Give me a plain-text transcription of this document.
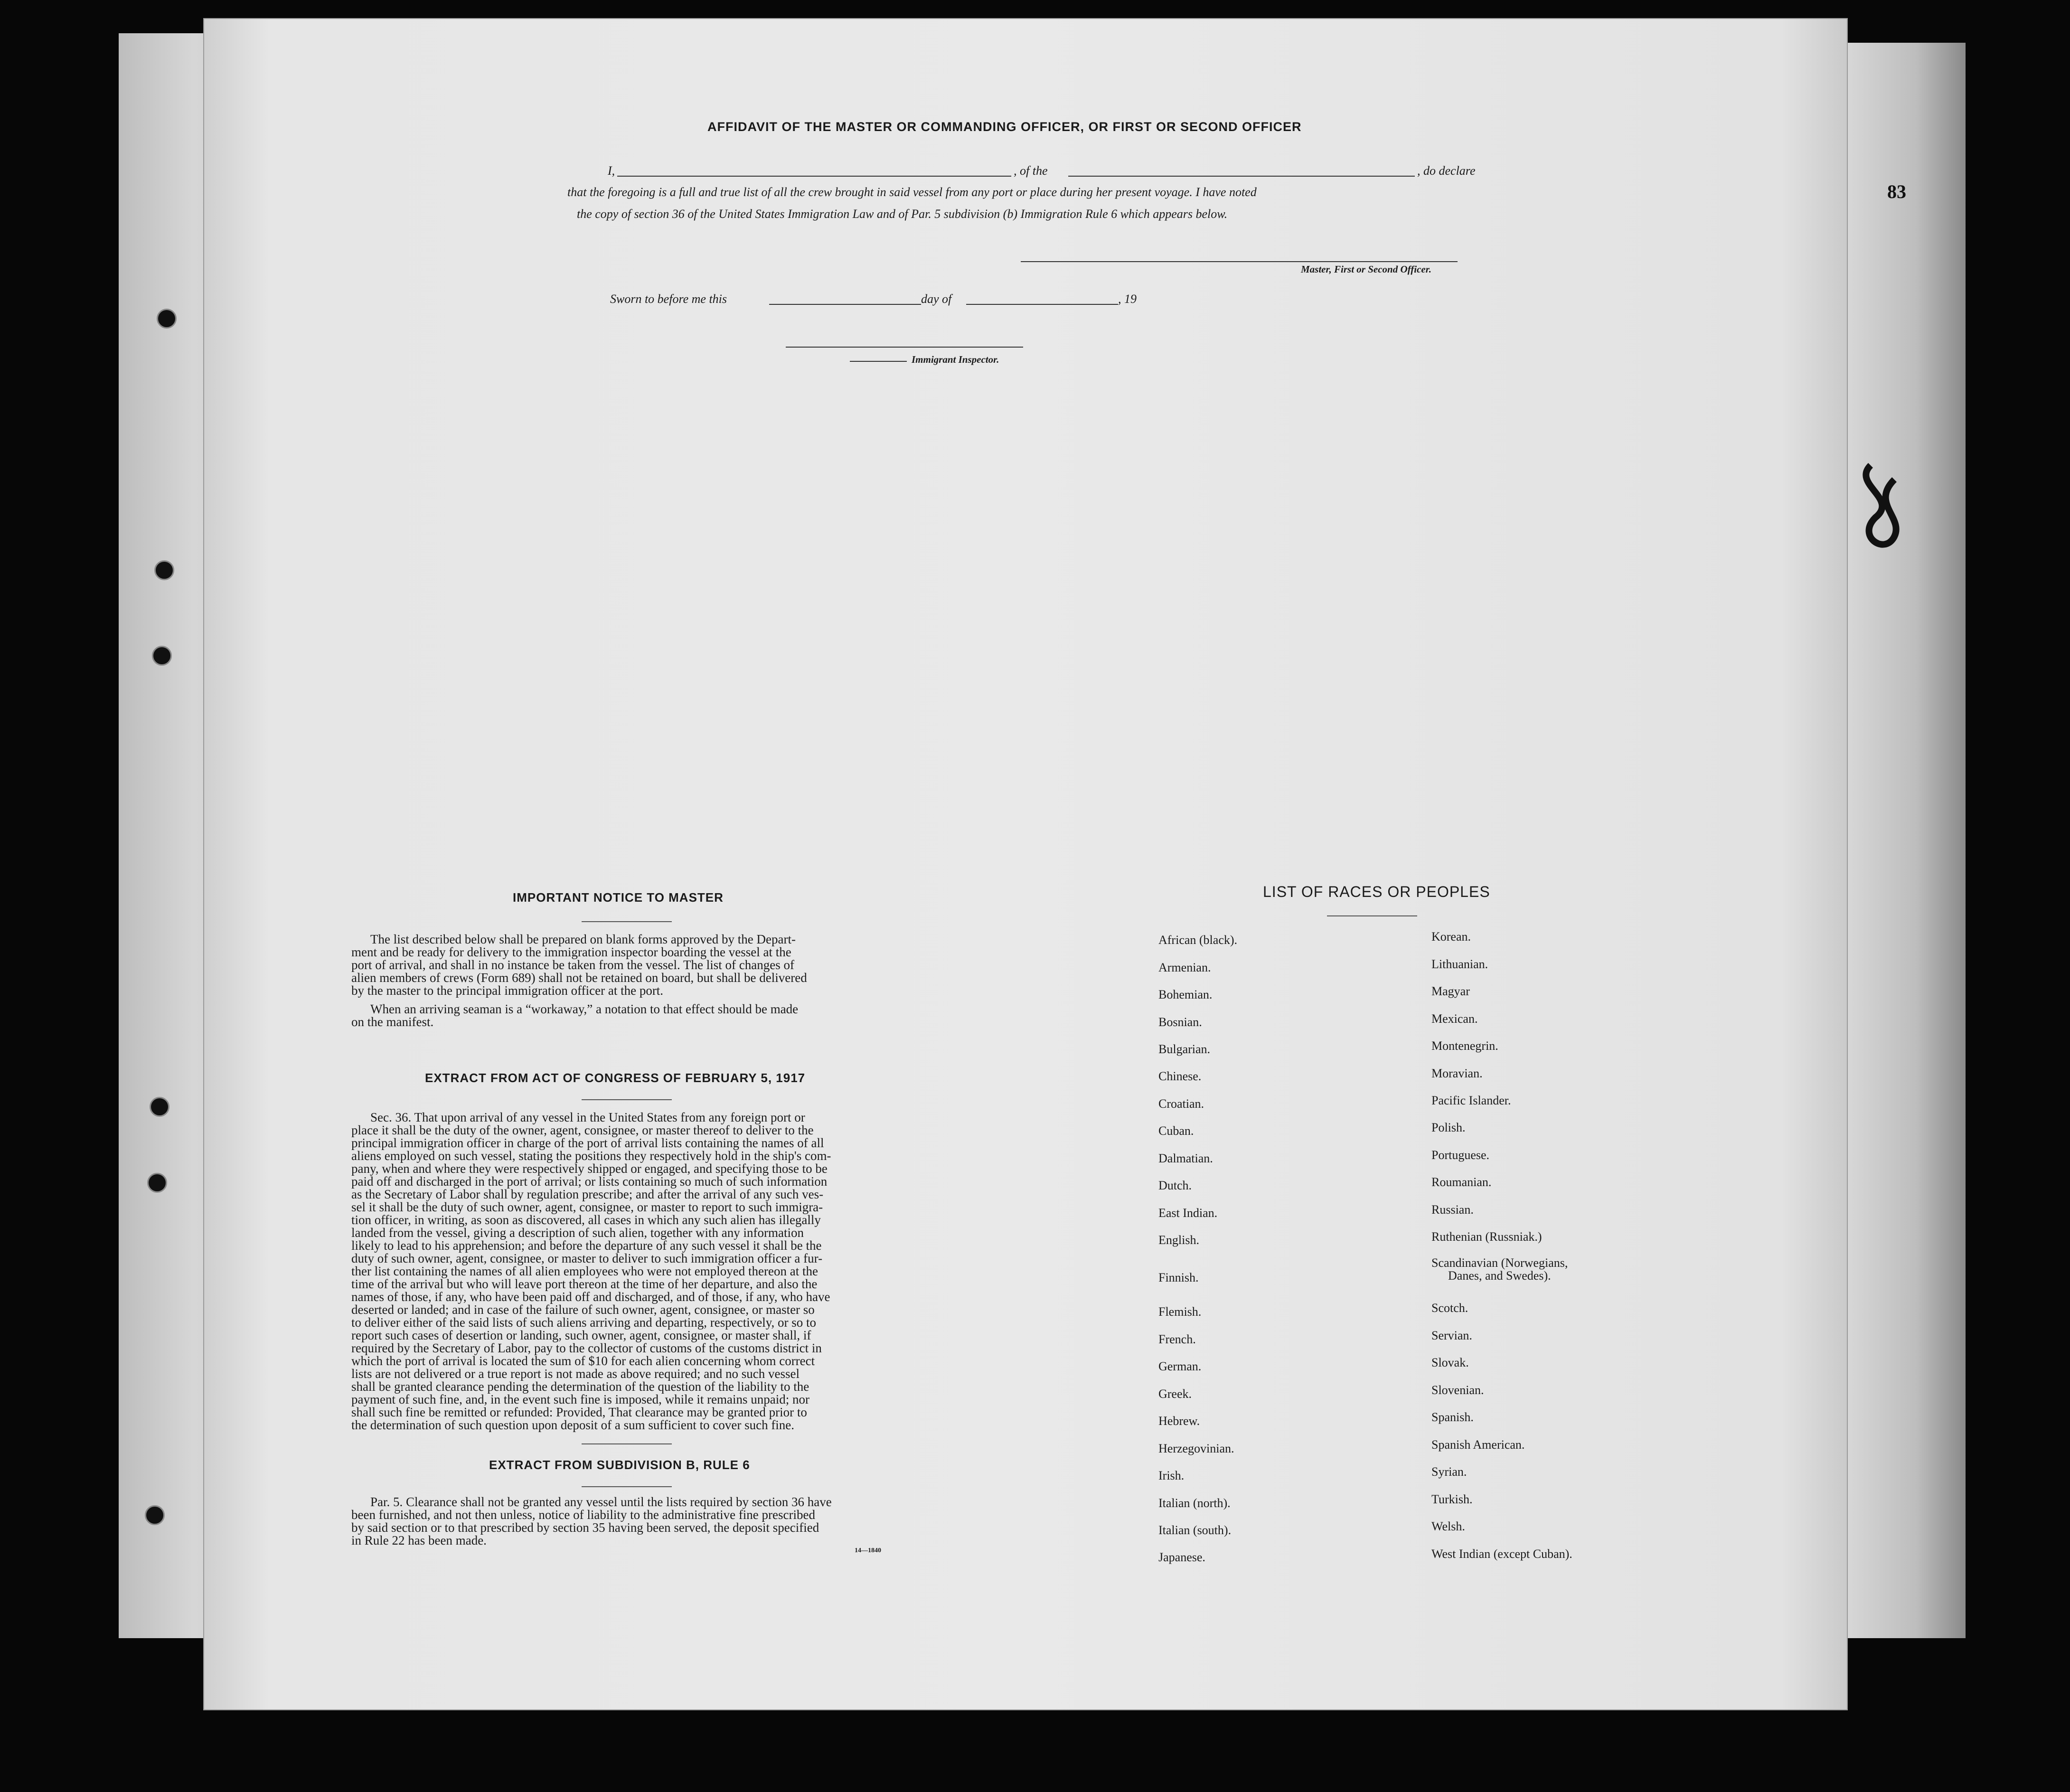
83
AFFIDAVIT OF THE MASTER OR COMMANDING OFFICER, OR FIRST OR SECOND OFFICER
I,	, of the	, do declare
that the foregoing is a full and true list of all the crew brought in said vessel from any port or place during her present voyage. I have noted
the copy of section 36 of the United States Immigration Law and of Par. 5 subdivision (b) Immigration Rule 6 which appears below.
Master, First or Second Officer.
Sworn to before me this	day of	, 19
Immigrant Inspector.
IMPORTANT NOTICE TO MASTER
The list described below shall be prepared on blank forms approved by the Depart-
ment and be ready for delivery to the immigration inspector boarding the vessel at the
port of arrival, and shall in no instance be taken from the vessel. The list of changes of
alien members of crews (Form 689) shall not be retained on board, but shall be delivered
by the master to the principal immigration officer at the port.
When an arriving seaman is a “workaway,” a notation to that effect should be made
on the manifest.
EXTRACT FROM ACT OF CONGRESS OF FEBRUARY 5, 1917
Sec. 36. That upon arrival of any vessel in the United States from any foreign port or
place it shall be the duty of the owner, agent, consignee, or master thereof to deliver to the
principal immigration officer in charge of the port of arrival lists containing the names of all
aliens employed on such vessel, stating the positions they respectively hold in the ship's com-
pany, when and where they were respectively shipped or engaged, and specifying those to be
paid off and discharged in the port of arrival; or lists containing so much of such information
as the Secretary of Labor shall by regulation prescribe; and after the arrival of any such ves-
sel it shall be the duty of such owner, agent, consignee, or master to report to such immigra-
tion officer, in writing, as soon as discovered, all cases in which any such alien has illegally
landed from the vessel, giving a description of such alien, together with any information
likely to lead to his apprehension; and before the departure of any such vessel it shall be the
duty of such owner, agent, consignee, or master to deliver to such immigration officer a fur-
ther list containing the names of all alien employees who were not employed thereon at the
time of the arrival but who will leave port thereon at the time of her departure, and also the
names of those, if any, who have been paid off and discharged, and of those, if any, who have
deserted or landed; and in case of the failure of such owner, agent, consignee, or master so
to deliver either of the said lists of such aliens arriving and departing, respectively, or so to
report such cases of desertion or landing, such owner, agent, consignee, or master shall, if
required by the Secretary of Labor, pay to the collector of customs of the customs district in
which the port of arrival is located the sum of $10 for each alien concerning whom correct
lists are not delivered or a true report is not made as above required; and no such vessel
shall be granted clearance pending the determination of the question of the liability to the
payment of such fine, and, in the event such fine is imposed, while it remains unpaid; nor
shall such fine be remitted or refunded: Provided, That clearance may be granted prior to
the determination of such question upon deposit of a sum sufficient to cover such fine.
EXTRACT FROM SUBDIVISION B, RULE 6
Par. 5. Clearance shall not be granted any vessel until the lists required by section 36 have
been furnished, and not then unless, notice of liability to the administrative fine prescribed
by said section or to that prescribed by section 35 having been served, the deposit specified
in Rule 22 has been made.
14—1840
LIST OF RACES OR PEOPLES
African (black).
Armenian.
Bohemian.
Bosnian.
Bulgarian.
Chinese.
Croatian.
Cuban.
Dalmatian.
Dutch.
East Indian.
English.
Finnish.
Flemish.
French.
German.
Greek.
Hebrew.
Herzegovinian.
Irish.
Italian (north).
Italian (south).
Japanese.
Korean.
Lithuanian.
Magyar
Mexican.
Montenegrin.
Moravian.
Pacific Islander.
Polish.
Portuguese.
Roumanian.
Russian.
Ruthenian (Russniak.)
Scandinavian (Norwegians,
Danes, and Swedes).
Scotch.
Servian.
Slovak.
Slovenian.
Spanish.
Spanish American.
Syrian.
Turkish.
Welsh.
West Indian (except Cuban).
